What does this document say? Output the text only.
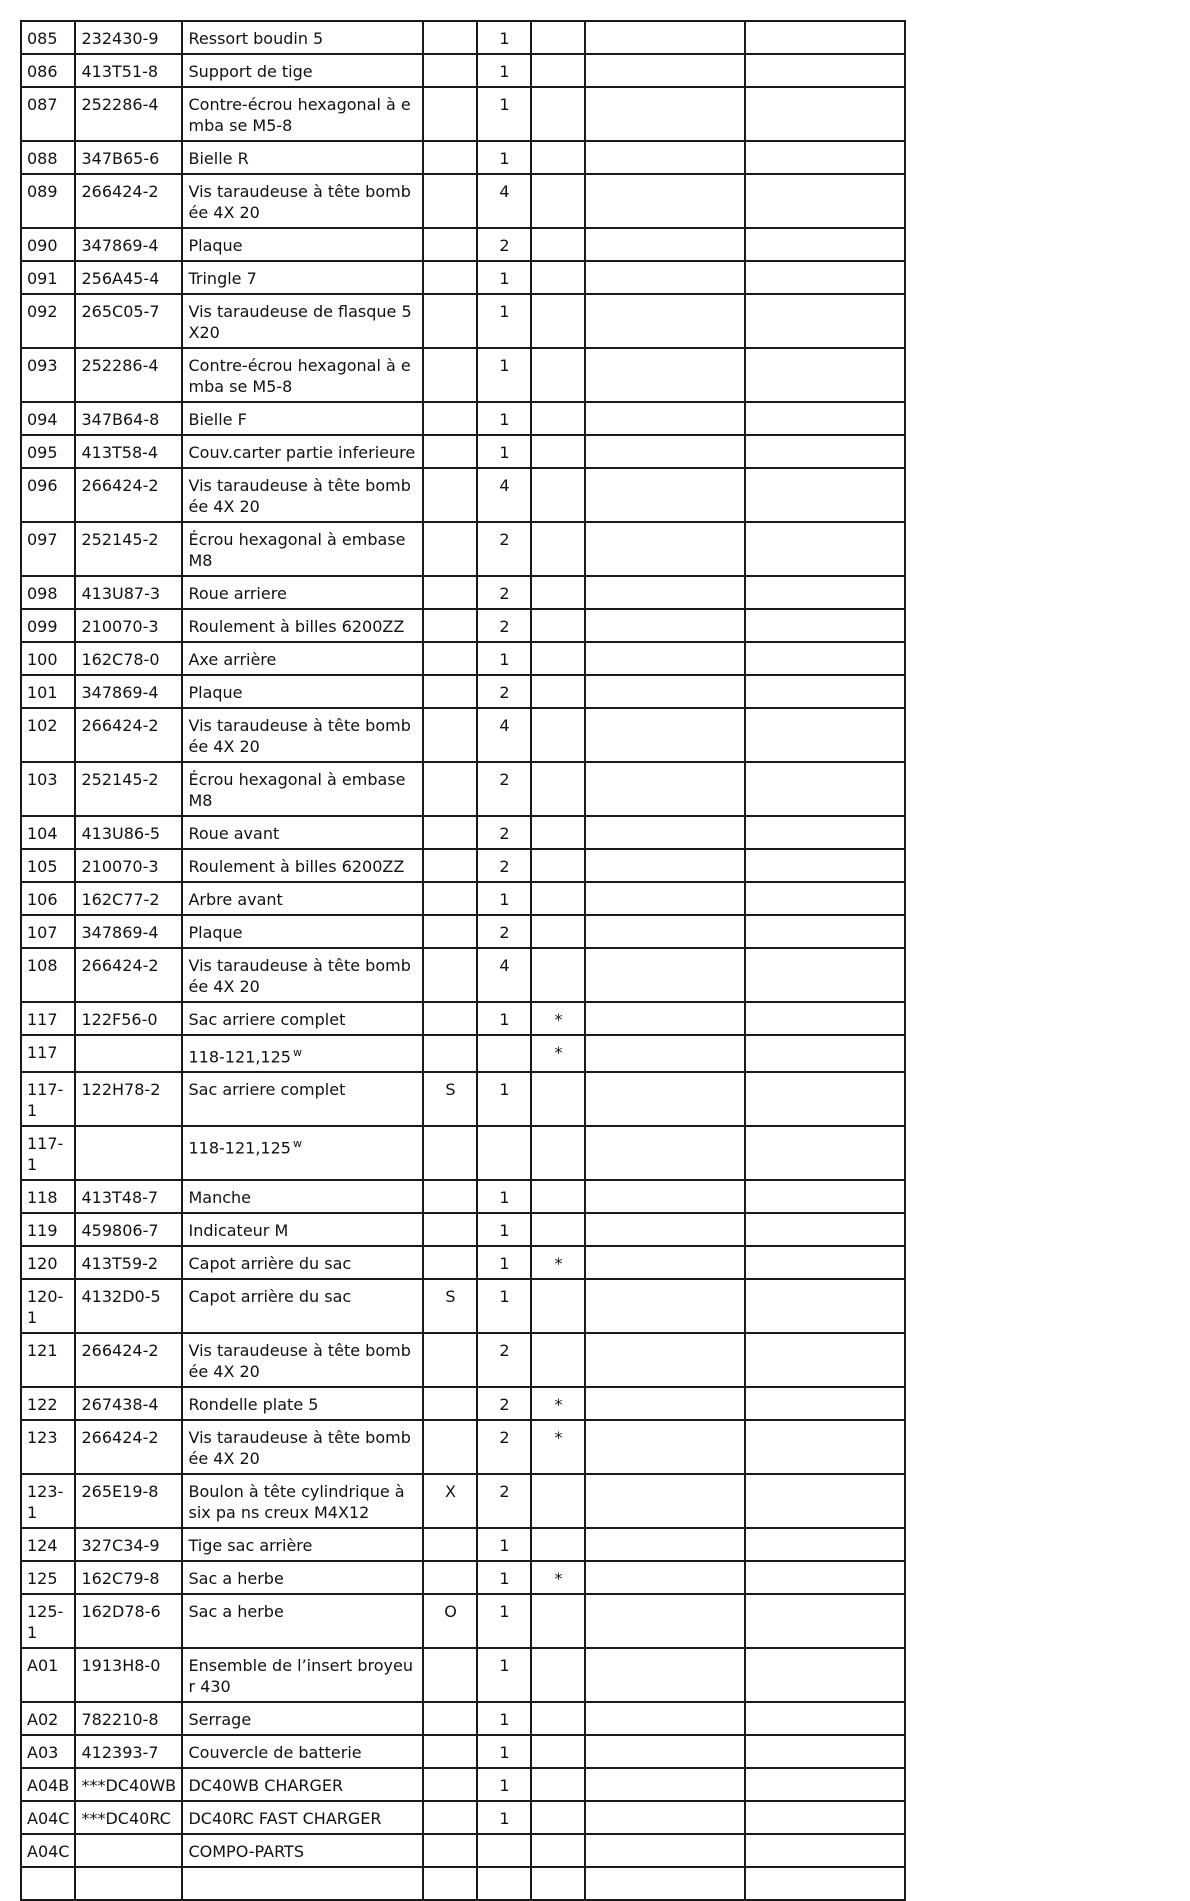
085	232430-9	Ressort boudin 5		1			
086	413T51-8	Support de tige		1			
087	252286-4	Contre-écrou hexagonal à emba se M5-8		1			
088	347B65-6	Bielle R		1			
089	266424-2	Vis taraudeuse à tête bombée 4X 20		4			
090	347869-4	Plaque		2			
091	256A45-4	Tringle 7		1			
092	265C05-7	Vis taraudeuse de flasque 5X20		1			
093	252286-4	Contre-écrou hexagonal à emba se M5-8		1			
094	347B64-8	Bielle F		1			
095	413T58-4	Couv.carter partie inferieure		1			
096	266424-2	Vis taraudeuse à tête bombée 4X 20		4			
097	252145-2	Écrou hexagonal à embase M8		2			
098	413U87-3	Roue arriere		2			
099	210070-3	Roulement à billes 6200ZZ		2			
100	162C78-0	Axe arrière		1			
101	347869-4	Plaque		2			
102	266424-2	Vis taraudeuse à tête bombée 4X 20		4			
103	252145-2	Écrou hexagonal à embase M8		2			
104	413U86-5	Roue avant		2			
105	210070-3	Roulement à billes 6200ZZ		2			
106	162C77-2	Arbre avant		1			
107	347869-4	Plaque		2			
108	266424-2	Vis taraudeuse à tête bombée 4X 20		4			
117	122F56-0	Sac arriere complet		1	*		
117		118-121,125 $^w$			*		
117-1	122H78-2	Sac arriere complet	S	1			
117-1		118-121,125 $^w$					
118	413T48-7	Manche		1			
119	459806-7	Indicateur M		1			
120	413T59-2	Capot arrière du sac		1	*		
120-1	4132D0-5	Capot arrière du sac	S	1			
121	266424-2	Vis taraudeuse à tête bombée 4X 20		2			
122	267438-4	Rondelle plate 5		2	*		
123	266424-2	Vis taraudeuse à tête bombée 4X 20		2	*		
123-1	265E19-8	Boulon à tête cylindrique à six pa ns creux M4X12	X	2			
124	327C34-9	Tige sac arrière		1			
125	162C79-8	Sac a herbe		1	*		
125-1	162D78-6	Sac a herbe	O	1			
A01	1913H8-0	Ensemble de l’insert broyeur 430		1			
A02	782210-8	Serrage		1			
A03	412393-7	Couvercle de batterie		1			
A04B	***DC40WB	DC40WB CHARGER		1			
A04C	***DC40RC	DC40RC FAST CHARGER		1			
A04C		COMPO-PARTS					
